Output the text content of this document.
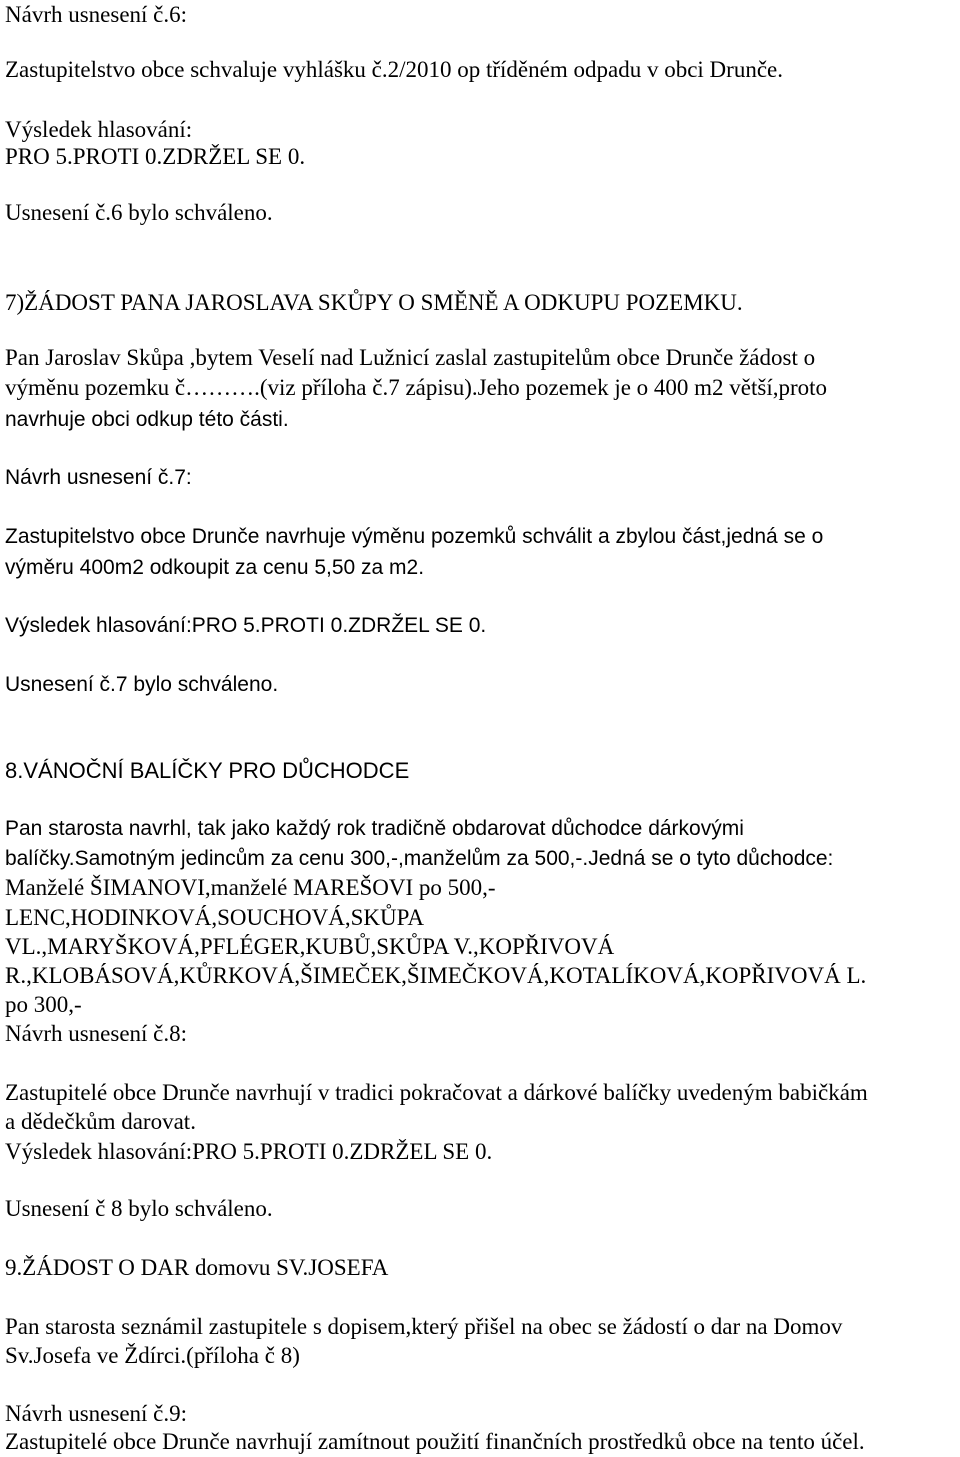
Návrh usnesení č.6:
Zastupitelstvo obce schvaluje vyhlášku č.2/2010 op tříděném odpadu v obci Drunče.
Výsledek hlasování:
PRO 5.PROTI 0.ZDRŽEL SE 0.
Usnesení č.6 bylo schváleno.
7)ŽÁDOST PANA JAROSLAVA SKŮPY O SMĚNĚ A ODKUPU POZEMKU.
Pan Jaroslav Skůpa ,bytem Veselí nad Lužnicí zaslal zastupitelům obce Drunče žádost o
výměnu pozemku č……….(viz příloha č.7 zápisu).Jeho pozemek je o 400 m2 větší,proto
navrhuje obci odkup této části.
Návrh usnesení č.7:
Zastupitelstvo obce Drunče navrhuje výměnu pozemků schválit a zbylou část,jedná se o
výměru 400m2 odkoupit za cenu 5,50 za m2.
Výsledek hlasování:PRO 5.PROTI 0.ZDRŽEL SE 0.
Usnesení č.7 bylo schváleno.
8.VÁNOČNÍ BALÍČKY PRO DŮCHODCE
Pan starosta navrhl, tak jako každý rok tradičně obdarovat důchodce dárkovými
balíčky.Samotným jedincům za cenu 300,-,manželům za 500,-.Jedná se o tyto důchodce:
Manželé ŠIMANOVI,manželé MAREŠOVI po 500,-
LENC,HODINKOVÁ,SOUCHOVÁ,SKŮPA
VL.,MARYŠKOVÁ,PFLÉGER,KUBŮ,SKŮPA V.,KOPŘIVOVÁ
R.,KLOBÁSOVÁ,KŮRKOVÁ,ŠIMEČEK,ŠIMEČKOVÁ,KOTALÍKOVÁ,KOPŘIVOVÁ L.
po 300,-
Návrh usnesení č.8:
Zastupitelé obce Drunče navrhují v tradici pokračovat a dárkové balíčky uvedeným babičkám
a dědečkům darovat.
Výsledek hlasování:PRO 5.PROTI 0.ZDRŽEL SE 0.
Usnesení č 8 bylo schváleno.
9.ŽÁDOST O DAR domovu SV.JOSEFA
Pan starosta seznámil zastupitele s dopisem,který přišel na obec se žádostí o dar na Domov
Sv.Josefa ve Ždírci.(příloha č 8)
Návrh usnesení č.9:
Zastupitelé obce Drunče navrhují zamítnout použití finančních prostředků obce na tento účel.
